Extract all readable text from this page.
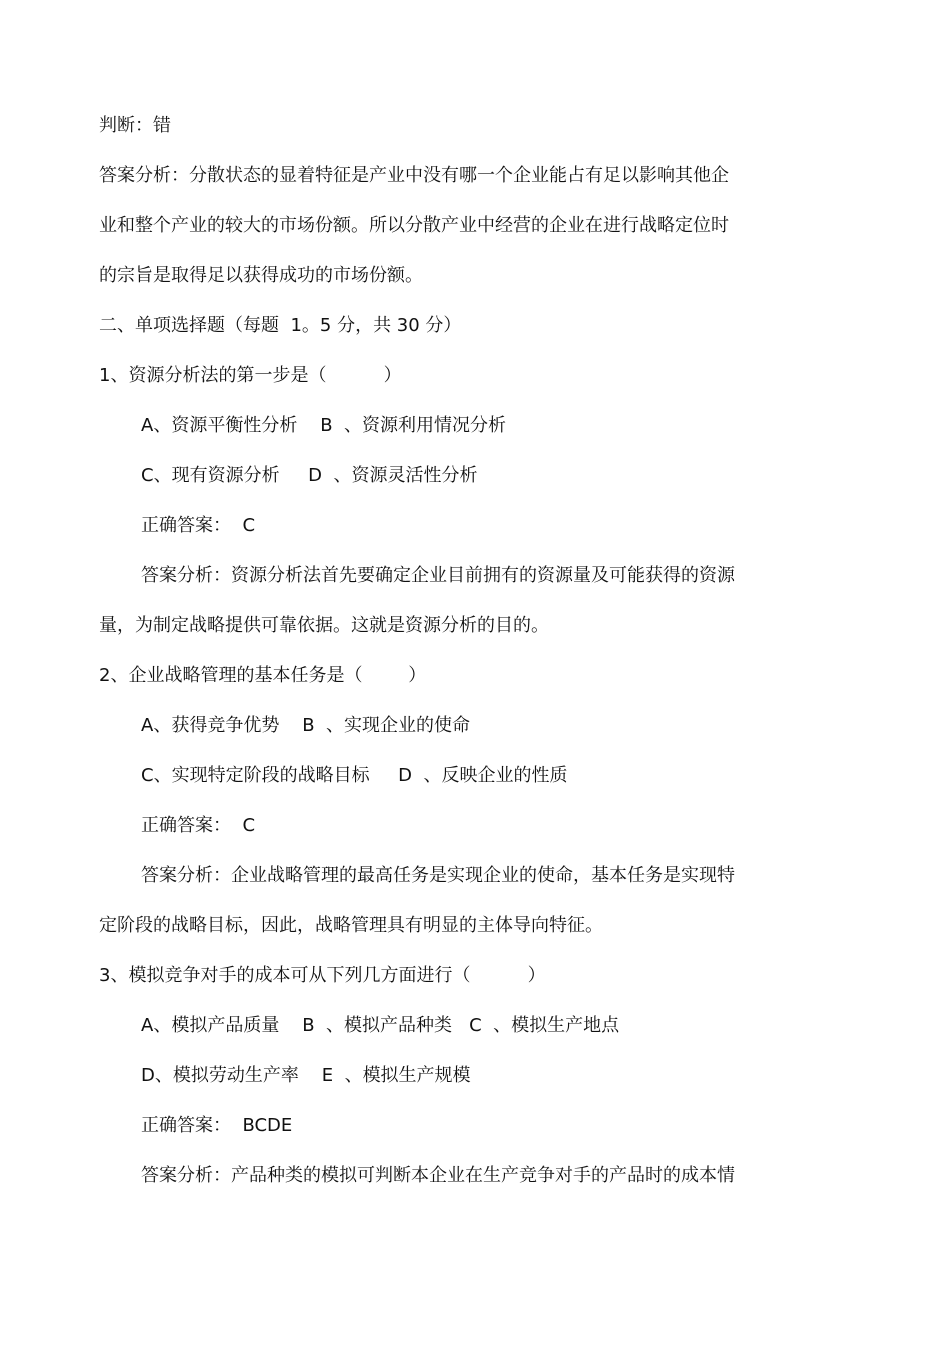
判断：错
答案分析：分散状态的显着特征是产业中没有哪一个企业能占有足以影响其他企
业和整个产业的较大的市场份额。所以分散产业中经营的企业在进行战略定位时
的宗旨是取得足以获得成功的市场份额。
二、单项选择题（每题  1。5 分，共 30 分）
1、资源分析法的第一步是（          ）
A、资源平衡性分析    B  、资源利用情况分析
C、现有资源分析     D  、资源灵活性分析
正确答案：  C
答案分析：资源分析法首先要确定企业目前拥有的资源量及可能获得的资源
量，为制定战略提供可靠依据。这就是资源分析的目的。
2、企业战略管理的基本任务是（        ）
A、获得竞争优势    B  、实现企业的使命
C、实现特定阶段的战略目标     D  、反映企业的性质
正确答案：  C
答案分析：企业战略管理的最高任务是实现企业的使命，基本任务是实现特
定阶段的战略目标，因此，战略管理具有明显的主体导向特征。
3、模拟竞争对手的成本可从下列几方面进行（          ）
A、模拟产品质量    B  、模拟产品种类   C  、模拟生产地点
D、模拟劳动生产率    E  、模拟生产规模
正确答案：  BCDE
答案分析：产品种类的模拟可判断本企业在生产竞争对手的产品时的成本情
